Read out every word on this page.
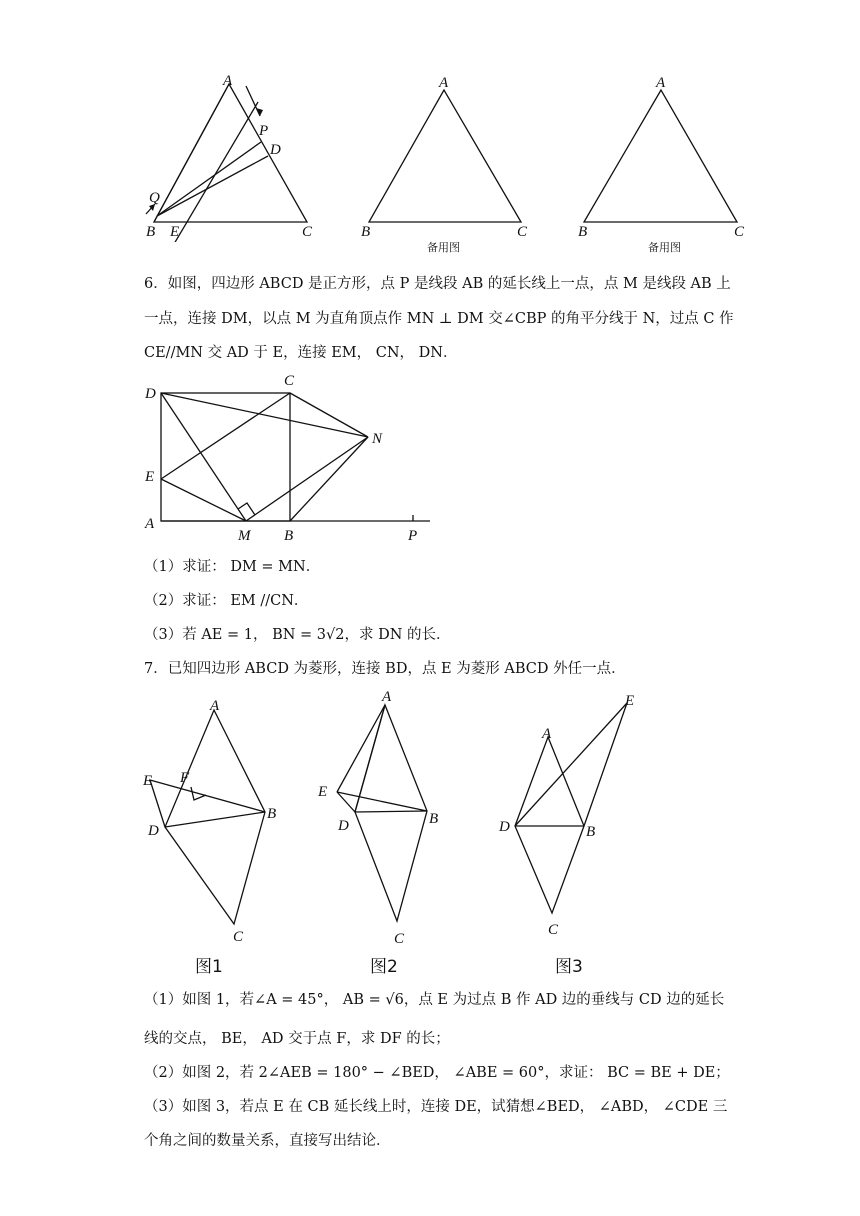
A
P
D
Q
B E	C
A
B	C
备用图
A
B	C
备用图
6．如图，四边形 ABCD 是正方形，点 P 是线段 AB 的延长线上一点，点 M 是线段 AB 上
一点，连接 DM，以点 M 为直角顶点作 MN ⊥ DM 交∠CBP 的角平分线于 N，过点 C 作
CE//MN 交 AD 于 E，连接 EM， CN， DN．
D
C
N
E
A
M B	P
（1）求证： DM = MN．
（2）求证： EM //CN．
（3）若 AE = 1， BN = 3√2，求 DN 的长．
7．已知四边形 ABCD 为菱形，连接 BD，点 E 为菱形 ABCD 外任一点．
A
E F
D
B
C
图1
A
E
D	B
C
图2
A
E
D	B
C
图3
（1）如图 1，若∠A = 45°， AB = √6，点 E 为过点 B 作 AD 边的垂线与 CD 边的延长
线的交点， BE， AD 交于点 F，求 DF 的长；
（2）如图 2，若 2∠AEB = 180° − ∠BED， ∠ABE = 60°，求证： BC = BE + DE；
（3）如图 3，若点 E 在 CB 延长线上时，连接 DE，试猜想∠BED， ∠ABD， ∠CDE 三
个角之间的数量关系，直接写出结论．
